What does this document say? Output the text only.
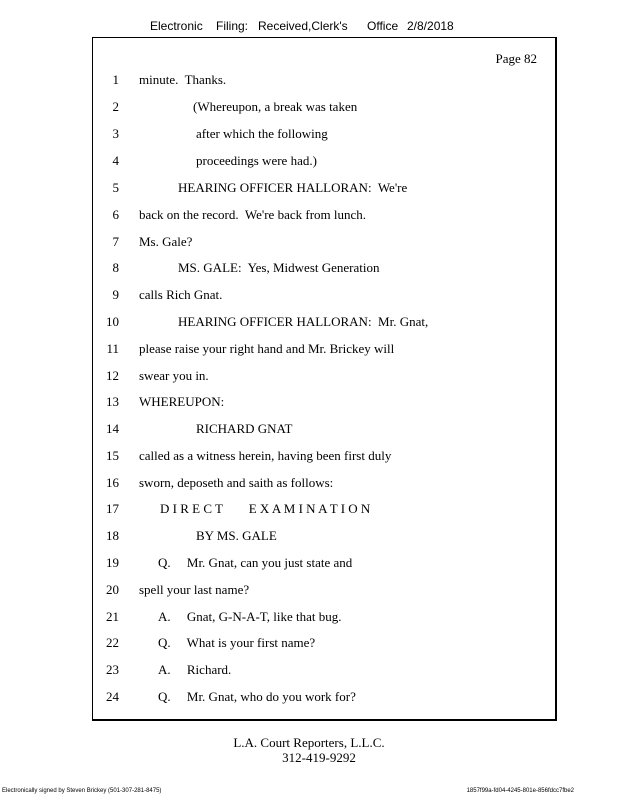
Electronic Filing: Received,Clerk's Office 2/8/2018
Page 82
1 minute.  Thanks.
2	(Whereupon, a break was taken
3	after which the following
4	proceedings were had.)
5	HEARING OFFICER HALLORAN:  We're
6 back on the record.  We're back from lunch.
7 Ms. Gale?
8	MS. GALE:  Yes, Midwest Generation
9 calls Rich Gnat.
10	HEARING OFFICER HALLORAN:  Mr. Gnat,
11 please raise your right hand and Mr. Brickey will
12 swear you in.
13 WHEREUPON:
14	RICHARD GNAT
15 called as a witness herein, having been first duly
16 sworn, deposeth and saith as follows:
17	D I R E C T        E X A M I N A T I O N
18	BY MS. GALE
19	Q.     Mr. Gnat, can you just state and
20 spell your last name?
21	A.     Gnat, G-N-A-T, like that bug.
22	Q.     What is your first name?
23	A.     Richard.
24	Q.     Mr. Gnat, who do you work for?
L.A. Court Reporters, L.L.C.
312-419-9292
Electronically signed by Steven Brickey (501-307-281-8475)	1857f99a-fd04-4245-801e-856fdcc7fbe2
